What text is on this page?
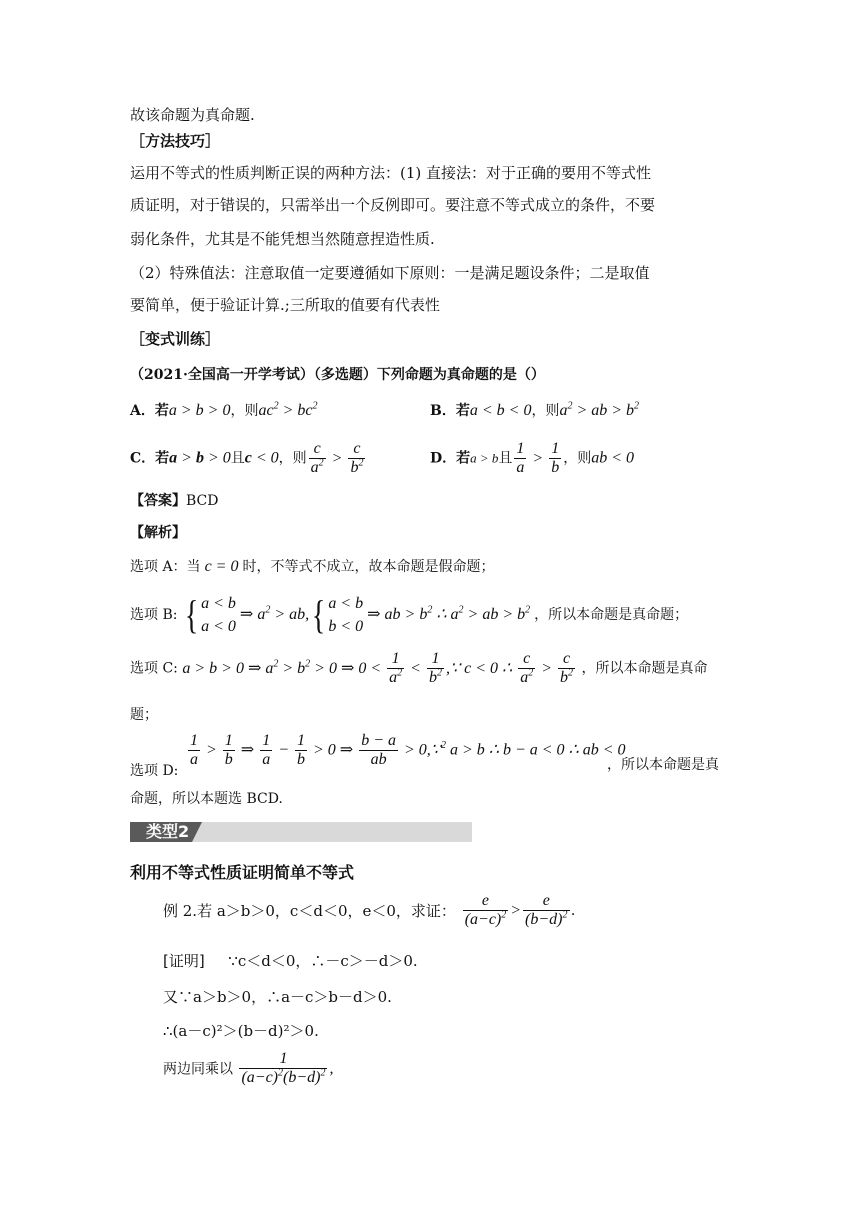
故该命题为真命题.
［方法技巧］
运用不等式的性质判断正误的两种方法：(1) 直接法：对于正确的要用不等式性
质证明，对于错误的，只需举出一个反例即可。要注意不等式成立的条件，不要
弱化条件，尤其是不能凭想当然随意捏造性质.
（2）特殊值法：注意取值一定要遵循如下原则：一是满足题设条件；二是取值
要简单，便于验证计算.;三所取的值要有代表性
［变式训练］
（2021·全国高一开学考试）（多选题）下列命题为真命题的是（）
A．若a > b > 0，则$ac^2 > bc^2$	B．若a < b < 0，则$a^2$ > ab > $b^2$
C．若a > b > 0且c < 0，则 $\frac{c}{a^2} > \frac{c}{b^2}$	D．若a > b且 $\frac{1}{a} > \frac{1}{b}$ ，则ab < 0
【答案】BCD
【解析】
选项 A：当 c = 0 时，不等式不成立，故本命题是假命题；
选项 B: { a < b
a < 0 ⇒ $a^2 > ab$,{ a < b
b < 0 ⇒ ab > $b^2$ ∴ $a^2$ > ab > $b^2$ ，所以本命题是真命题；
选项 C: a > b > 0 ⇒ $a^2 > b^2 > 0$ ⇒ $0 < \frac{1}{a^2} < \frac{1}{b^2}$ ,∵ c < 0 ∴ $\frac{c}{a^2} > \frac{c}{b^2}$ ，所以本命题是真命
题；
$\frac{1}{a} > \frac{1}{b}$ ⇒ $\frac{1}{a} - \frac{1}{b} > 0$ ⇒ $\frac{b - a}{ab}$ > 0,∵$^2$ a > b ∴ b − a < 0 ∴ ab < 0
选项 D:	，所以本命题是真
命题，所以本题选 BCD.
类型2
利用不等式性质证明简单不等式
例 2.若 a＞b＞0，c＜d＜0，e＜0，求证： $\frac{e}{(a-c)^2} > \frac{e}{(b-d)^2}$ .
[证明] ∵c＜d＜0，∴－c＞－d＞0.
又∵a＞b＞0，∴a－c＞b－d＞0.
∴(a－c)²＞(b－d)²＞0.
两边同乘以 $\frac{1}{(a-c)^2(b-d)^2}$ ,
